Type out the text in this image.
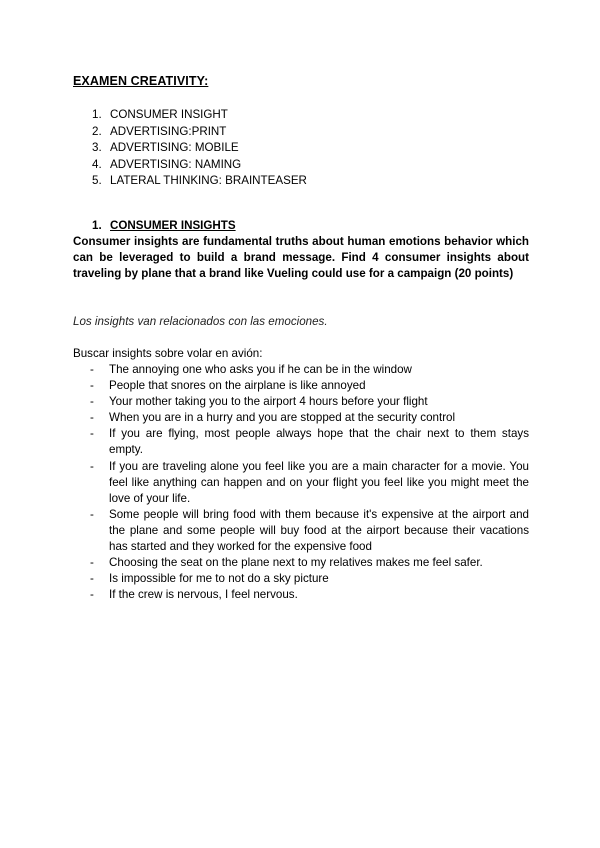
EXAMEN CREATIVITY:
1. CONSUMER INSIGHT
2. ADVERTISING:PRINT
3. ADVERTISING: MOBILE
4. ADVERTISING: NAMING
5. LATERAL THINKING: BRAINTEASER
1. CONSUMER INSIGHTS
Consumer insights are fundamental truths about human emotions behavior which can be leveraged to build a brand message. Find 4 consumer insights about traveling by plane that a brand like Vueling could use for a campaign (20 points)
Los insights van relacionados con las emociones.
Buscar insights sobre volar en avión:
-	The annoying one who asks you if he can be in the window
-	People that snores on the airplane is like annoyed
-	Your mother taking you to the airport 4 hours before your flight
-	When you are in a hurry and you are stopped at the security control
-	If you are flying, most people always hope that the chair next to them stays empty.
-	If you are traveling alone you feel like you are a main character for a movie. You feel like anything can happen and on your flight you feel like you might meet the love of your life.
-	Some people will bring food with them because it's expensive at the airport and the plane and some people will buy food at the airport because their vacations has started and they worked for the expensive food
-	Choosing the seat on the plane next to my relatives makes me feel safer.
-	Is impossible for me to not do a sky picture
-	If the crew is nervous, I feel nervous.
